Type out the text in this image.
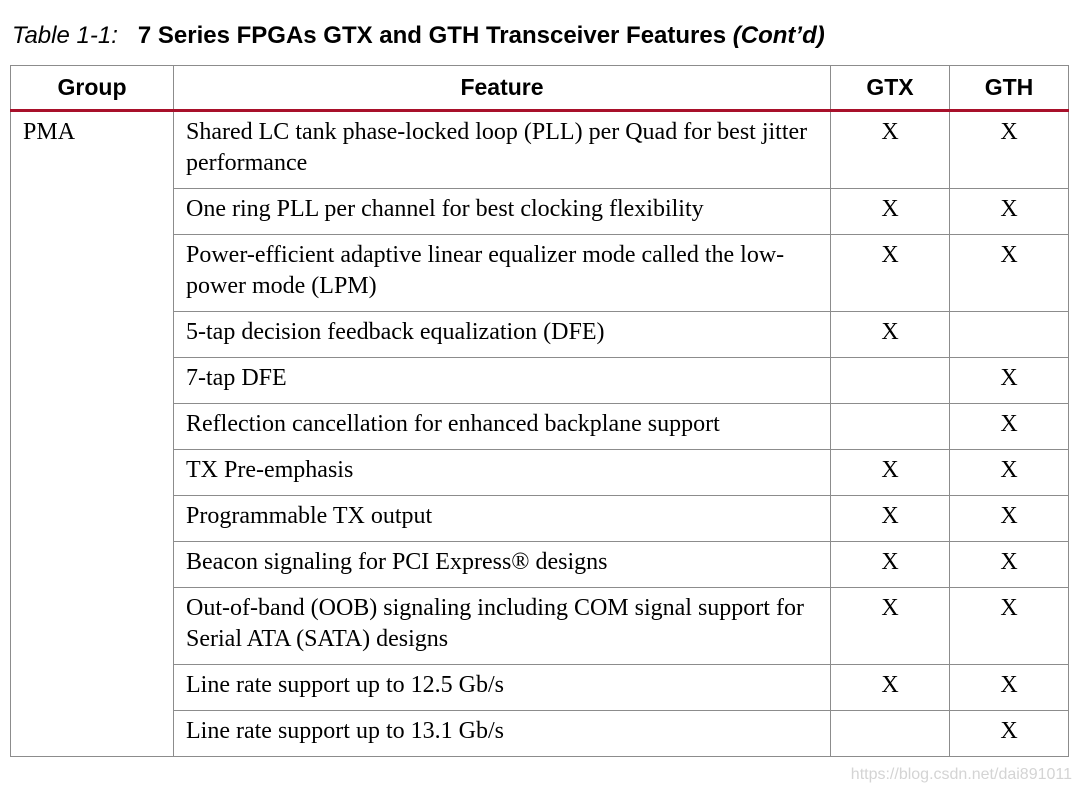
Table 1-1: 7 Series FPGAs GTX and GTH Transceiver Features (Cont’d)
Group	Feature	GTX	GTH
PMA	Shared LC tank phase-locked loop (PLL) per Quad for best jitter performance	X	X
	One ring PLL per channel for best clocking flexibility	X	X
	Power-efficient adaptive linear equalizer mode called the low-power mode (LPM)	X	X
	5-tap decision feedback equalization (DFE)	X	
	7-tap DFE		X
	Reflection cancellation for enhanced backplane support		X
	TX Pre-emphasis	X	X
	Programmable TX output	X	X
	Beacon signaling for PCI Express® designs	X	X
	Out-of-band (OOB) signaling including COM signal support for Serial ATA (SATA) designs	X	X
	Line rate support up to 12.5 Gb/s	X	X
	Line rate support up to 13.1 Gb/s		X
https://blog.csdn.net/dai891011
